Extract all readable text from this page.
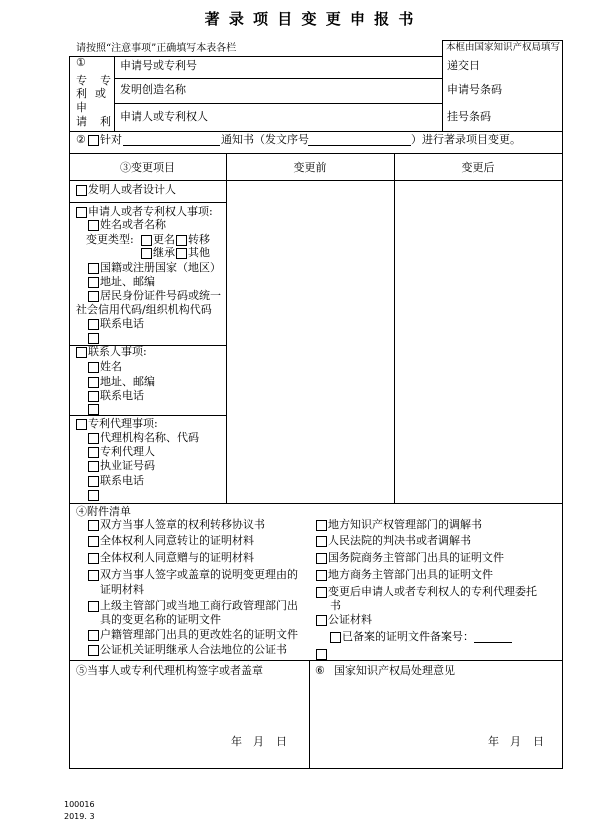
著 录 项 目 变 更 申 报 书
请按照“注意事项”正确填写本表各栏	本框由国家知识产权局填写
递交日
申请号条码
挂号条码
①
专
利
申
请
专
或
利
申请号或专利号
发明创造名称
申请人或专利权人
② 针对	通知书（发文序号	）进行著录项目变更。
③变更项目	变更前	变更后
发明人或者设计人
申请人或者专利权人事项:
姓名或者名称
变更类型: 更名 转移
继承 其他
国籍或注册国家（地区）
地址、邮编
居民身份证件号码或统一
社会信用代码/组织机构代码
联系电话
联系人事项:
姓名
地址、邮编
联系电话
专利代理事项:
代理机构名称、代码
专利代理人
执业证号码
联系电话
④附件清单
双方当事人签章的权利转移协议书
全体权利人同意转让的证明材料
全体权利人同意赠与的证明材料
双方当事人签字或盖章的说明变更理由的
证明材料
上级主管部门或当地工商行政管理部门出
具的变更名称的证明文件
户籍管理部门出具的更改姓名的证明文件
公证机关证明继承人合法地位的公证书
地方知识产权管理部门的调解书
人民法院的判决书或者调解书
国务院商务主管部门出具的证明文件
地方商务主管部门出具的证明文件
变更后申请人或者专利权人的专利代理委托
书
公证材料
已备案的证明文件备案号：
⑤当事人或专利代理机构签字或者盖章
年 月 日
⑥ 国家知识产权局处理意见
年 月 日
100016
2019. 3
